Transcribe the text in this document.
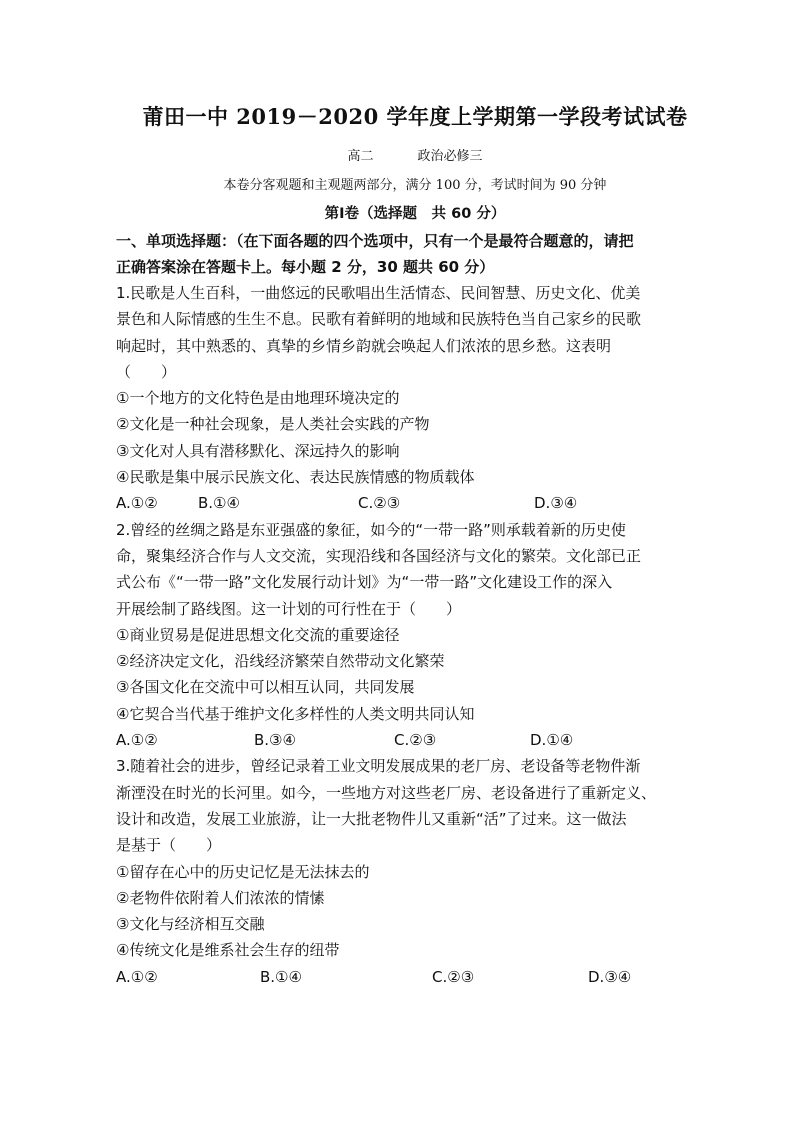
莆田一中 2019－2020 学年度上学期第一学段考试试卷
高二	政治必修三
本卷分客观题和主观题两部分，满分 100 分，考试时间为 90 分钟
第Ⅰ卷（选择题　共 60 分）
一、单项选择题：（在下面各题的四个选项中，只有一个是最符合题意的，请把
正确答案涂在答题卡上。每小题 2 分，30 题共 60 分）
1.民歌是人生百科，一曲悠远的民歌唱出生活情态、民间智慧、历史文化、优美
景色和人际情感的生生不息。民歌有着鲜明的地域和民族特色当自己家乡的民歌
响起时，其中熟悉的、真挚的乡情乡韵就会唤起人们浓浓的思乡愁。这表明
（　　）
①一个地方的文化特色是由地理环境决定的
②文化是一种社会现象，是人类社会实践的产物
③文化对人具有潜移默化、深远持久的影响
④民歌是集中展示民族文化、表达民族情感的物质载体
A.①②	B.①④	C.②③	D.③④
2.曾经的丝绸之路是东亚强盛的象征，如今的“一带一路”则承载着新的历史使
命，聚集经济合作与人文交流，实现沿线和各国经济与文化的繁荣。文化部已正
式公布《“一带一路”文化发展行动计划》为“一带一路”文化建设工作的深入
开展绘制了路线图。这一计划的可行性在于（　　）
①商业贸易是促进思想文化交流的重要途径
②经济决定文化，沿线经济繁荣自然带动文化繁荣
③各国文化在交流中可以相互认同，共同发展
④它契合当代基于维护文化多样性的人类文明共同认知
A.①②	B.③④	C.②③	D.①④
3.随着社会的进步，曾经记录着工业文明发展成果的老厂房、老设备等老物件渐
渐湮没在时光的长河里。如今，一些地方对这些老厂房、老设备进行了重新定义、
设计和改造，发展工业旅游，让一大批老物件儿又重新“活”了过来。这一做法
是基于（　　）
①留存在心中的历史记忆是无法抹去的
②老物件依附着人们浓浓的情愫
③文化与经济相互交融
④传统文化是维系社会生存的纽带
A.①②	B.①④	C.②③	D.③④
